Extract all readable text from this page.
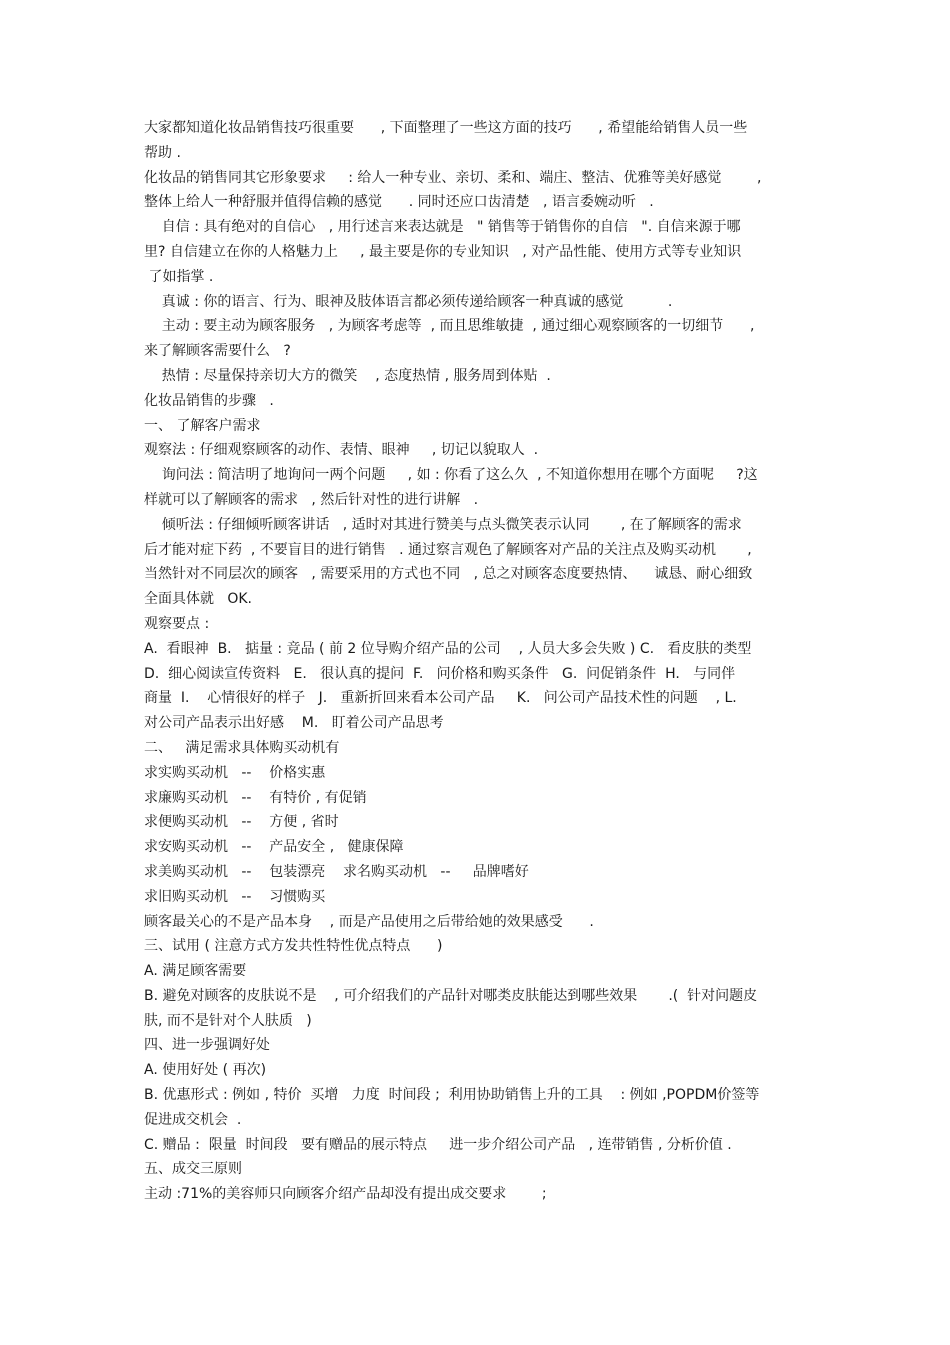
大家都知道化妆品销售技巧很重要      , 下面整理了一些这方面的技巧      , 希望能给销售人员一些
帮助 .
化妆品的销售同其它形象要求     : 给人一种专业、亲切、柔和、端庄、整洁、优雅等美好感觉        ,
整体上给人一种舒服并值得信赖的感觉      . 同时还应口齿清楚   , 语言委婉动听   .
自信 : 具有绝对的自信心   , 用行述言来表达就是   " 销售等于销售你的自信   ". 自信来源于哪
里? 自信建立在你的人格魅力上     , 最主要是你的专业知识   , 对产品性能、使用方式等专业知识
了如指掌 .
真诚 : 你的语言、行为、眼神及肢体语言都必须传递给顾客一种真诚的感觉          .
主动 : 要主动为顾客服务   , 为顾客考虑等  , 而且思维敏捷  , 通过细心观察顾客的一切细节      ,
来了解顾客需要什么   ?
热情 : 尽量保持亲切大方的微笑    , 态度热情 , 服务周到体贴  .
化妆品销售的步骤   .
一、 了解客户需求
观察法 : 仔细观察顾客的动作、表情、眼神     , 切记以貌取人  .
询问法 : 简洁明了地询问一两个问题     , 如 : 你看了这么久  , 不知道你想用在哪个方面呢     ?这
样就可以了解顾客的需求   , 然后针对性的进行讲解   .
倾听法 : 仔细倾听顾客讲话   , 适时对其进行赞美与点头微笑表示认同       , 在了解顾客的需求
后才能对症下药  , 不要盲目的进行销售   . 通过察言观色了解顾客对产品的关注点及购买动机       ,
当然针对不同层次的顾客   , 需要采用的方式也不同   , 总之对顾客态度要热情、    诚恳、耐心细致
全面具体就   OK.
观察要点 :
A.  看眼神  B.   掂量 : 竞品 ( 前 2 位导购介绍产品的公司    , 人员大多会失败 ) C.   看皮肤的类型
D.  细心阅读宣传资料   E.   很认真的提问  F.   问价格和购买条件   G.  问促销条件  H.   与同伴
商量  I.    心情很好的样子   J.   重新折回来看本公司产品     K.   问公司产品技术性的问题    , L.
对公司产品表示出好感    M.   盯着公司产品思考
二、   满足需求具体购买动机有
求实购买动机   --    价格实惠
求廉购买动机   --    有特价 , 有促销
求便购买动机   --    方便 , 省时
求安购买动机   --    产品安全 ,   健康保障
求美购买动机   --    包装漂亮    求名购买动机   --     品牌嗜好
求旧购买动机   --    习惯购买
顾客最关心的不是产品本身    , 而是产品使用之后带给她的效果感受      .
三、试用 ( 注意方式方发共性特性优点特点      )
A. 满足顾客需要
B. 避免对顾客的皮肤说不是    , 可介绍我们的产品针对哪类皮肤能达到哪些效果       .(  针对问题皮
肤, 而不是针对个人肤质   )
四、进一步强调好处
A. 使用好处 ( 再次)
B. 优惠形式 : 例如 , 特价  买增   力度  时间段 ;  利用协助销售上升的工具    : 例如 ,POPDM价签等
促进成交机会  .
C. 赠品 :  限量  时间段   要有赠品的展示特点     进一步介绍公司产品   , 连带销售 , 分析价值 .
五、成交三原则
主动 :71%的美容师只向顾客介绍产品却没有提出成交要求        ;
